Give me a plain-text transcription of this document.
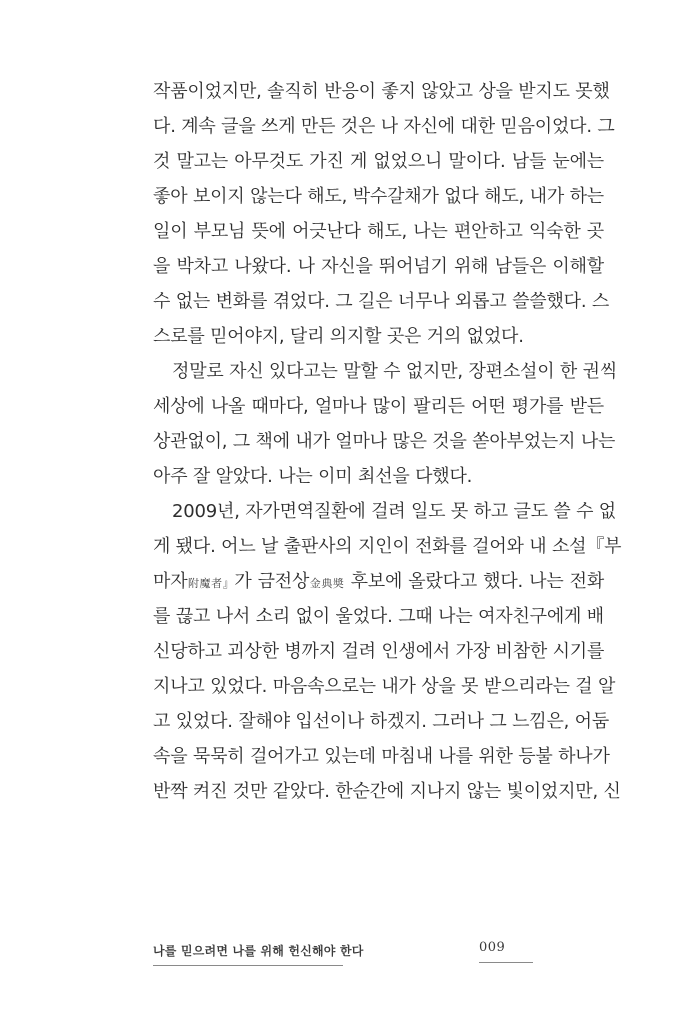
작품이었지만, 솔직히 반응이 좋지 않았고 상을 받지도 못했
다. 계속 글을 쓰게 만든 것은 나 자신에 대한 믿음이었다. 그
것 말고는 아무것도 가진 게 없었으니 말이다. 남들 눈에는
좋아 보이지 않는다 해도, 박수갈채가 없다 해도, 내가 하는
일이 부모님 뜻에 어긋난다 해도, 나는 편안하고 익숙한 곳
을 박차고 나왔다. 나 자신을 뛰어넘기 위해 남들은 이해할
수 없는 변화를 겪었다. 그 길은 너무나 외롭고 쓸쓸했다. 스
스로를 믿어야지, 달리 의지할 곳은 거의 없었다.
정말로 자신 있다고는 말할 수 없지만, 장편소설이 한 권씩
세상에 나올 때마다, 얼마나 많이 팔리든 어떤 평가를 받든
상관없이, 그 책에 내가 얼마나 많은 것을 쏟아부었는지 나는
아주 잘 알았다. 나는 이미 최선을 다했다.
2009년, 자가면역질환에 걸려 일도 못 하고 글도 쓸 수 없
게 됐다. 어느 날 출판사의 지인이 전화를 걸어와 내 소설『부
마자附魔者』가 금전상金典奬 후보에 올랐다고 했다. 나는 전화
를 끊고 나서 소리 없이 울었다. 그때 나는 여자친구에게 배
신당하고 괴상한 병까지 걸려 인생에서 가장 비참한 시기를
지나고 있었다. 마음속으로는 내가 상을 못 받으리라는 걸 알
고 있었다. 잘해야 입선이나 하겠지. 그러나 그 느낌은, 어둠
속을 묵묵히 걸어가고 있는데 마침내 나를 위한 등불 하나가
반짝 켜진 것만 같았다. 한순간에 지나지 않는 빛이었지만, 신
나를 믿으려면 나를 위해 헌신해야 한다	009
